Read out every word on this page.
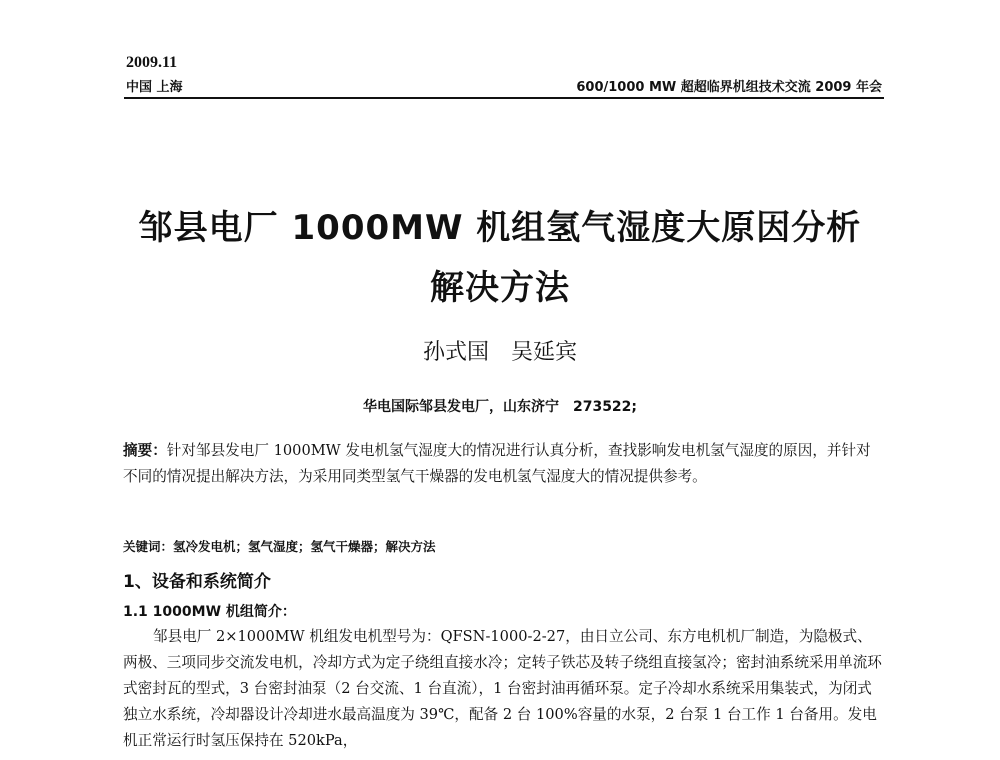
2009.11
中国 上海	600/1000 MW 超超临界机组技术交流 2009 年会
邹县电厂 1000MW 机组氢气湿度大原因分析
解决方法
孙式国　吴延宾
华电国际邹县发电厂，山东济宁　273522;
摘要：针对邹县发电厂 1000MW 发电机氢气湿度大的情况进行认真分析，查找影响发电机氢气湿度的原因，并针对不同的情况提出解决方法，为采用同类型氢气干燥器的发电机氢气湿度大的情况提供参考。
关键词：氢冷发电机；氢气湿度；氢气干燥器；解决方法
1、设备和系统简介
1.1 1000MW 机组简介：
邹县电厂 2×1000MW 机组发电机型号为：QFSN-1000-2-27，由日立公司、东方电机机厂制造，为隐极式、两极、三项同步交流发电机，冷却方式为定子绕组直接水冷；定转子铁芯及转子绕组直接氢冷；密封油系统采用单流环式密封瓦的型式，3 台密封油泵（2 台交流、1 台直流），1 台密封油再循环泵。定子冷却水系统采用集装式，为闭式独立水系统，冷却器设计冷却进水最高温度为 39℃，配备 2 台 100%容量的水泵，2 台泵 1 台工作 1 台备用。发电机正常运行时氢压保持在 520kPa，
